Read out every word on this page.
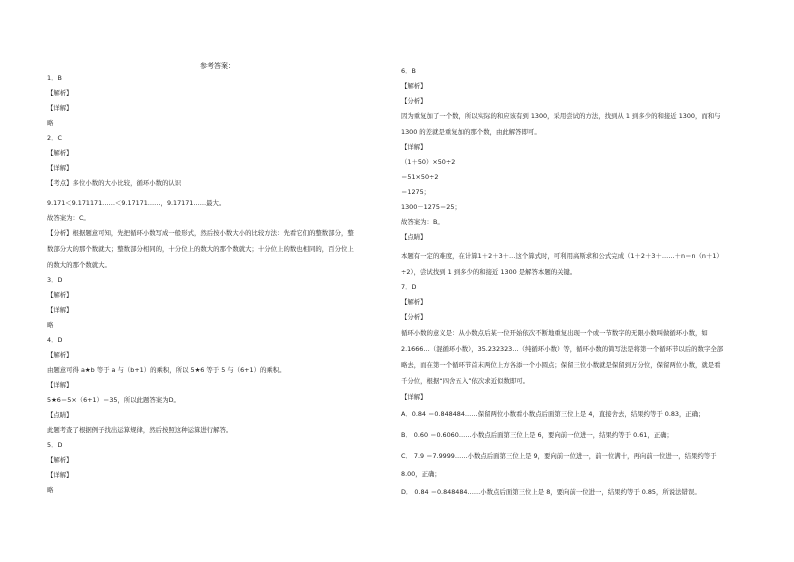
参考答案：
1．B
【解析】
【详解】
略
2．C
【解析】
【详解】
【考点】多位小数的大小比较，循环小数的认识
9.171＜9.171171……＜9.17171……，9.17171……最大。
故答案为：C。
【分析】根据题意可知，先把循环小数写成一般形式，然后按小数大小的比较方法：先看它们的整数部分，整
数部分大的那个数就大；整数部分相同的，十分位上的数大的那个数就大；十分位上的数也相同的，百分位上
的数大的那个数就大。
3．D
【解析】
【详解】
略
4．D
【解析】
由题意可得 a★b 等于 a 与（b+1）的乘积，所以 5★6 等于 5 与（6+1）的乘积。
【详解】
5★6＝5×（6+1）＝35，所以此题答案为D。
【点睛】
此题考查了根据例子找出运算规律，然后按照这种运算进行解答。
5．D
【解析】
【详解】
略
6．B
【解析】
【分析】
因为重复加了一个数，所以实际的和应该有到 1300，采用尝试的方法，找到从 1 到多少的和接近 1300，而和与
1300 的差就是重复加的那个数，由此解答即可。
【详解】
（1＋50）×50÷2
＝51×50÷2
＝1275；
1300－1275＝25；
故答案为：B。
【点睛】
本题有一定的难度，在计算1＋2＋3＋…这个算式时，可利用高斯求和公式完成（1＋2＋3＋……＋n＝n（n＋1）
÷2），尝试找到 1 到多少的和接近 1300 是解答本题的关键。
7．D
【解析】
【分析】
循环小数的意义是：从小数点后某一位开始依次不断地重复出现一个或一节数字的无限小数叫做循环小数，如
2.1666…（混循环小数），35.232323…（纯循环小数）等，循环小数的简写法是将第一个循环节以后的数字全部
略去，而在第一个循环节首末两位上方各添一个小圆点；保留三位小数就是保留到万分位，保留两位小数，就是看
千分位，根据“四舍五入”依次求近似数即可。
【详解】
A．0.84 ＝0.848484……保留两位小数看小数点后面第三位上是 4，直接舍去，结果约等于 0.83，正确；
B． 0.60 ＝0.6060……小数点后面第三位上是 6，要向前一位进一，结果约等于 0.61，正确；
C． 7.9 ＝7.9999……小数点后面第三位上是 9，要向前一位进一，前一位满十，再向前一位进一，结果约等于
8.00，正确；
D． 0.84 ＝0.848484……小数点后面第三位上是 8，要向前一位进一，结果约等于 0.85，所说法错误。
